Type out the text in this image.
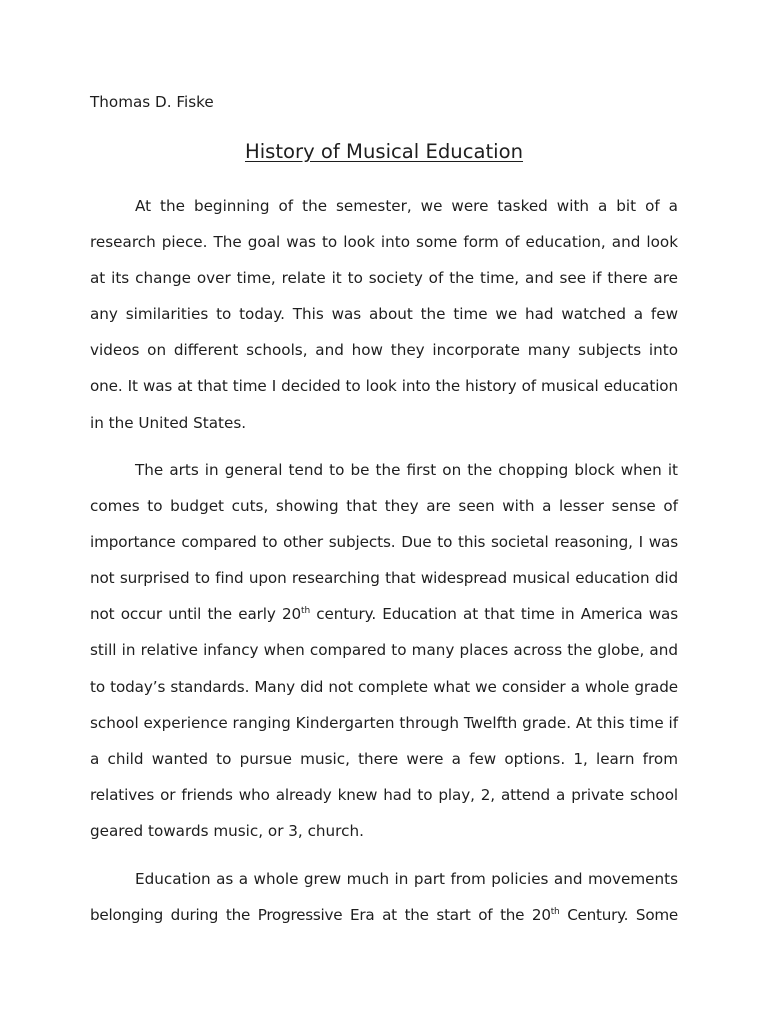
Thomas D. Fiske

History of Musical Education
At the beginning of the semester, we were tasked with a bit of a
research piece. The goal was to look into some form of education, and look
at its change over time, relate it to society of the time, and see if there are
any similarities to today. This was about the time we had watched a few
videos on different schools, and how they incorporate many subjects into
one. It was at that time I decided to look into the history of musical education
in the United States.
The arts in general tend to be the first on the chopping block when it
comes to budget cuts, showing that they are seen with a lesser sense of
importance compared to other subjects. Due to this societal reasoning, I was
not surprised to find upon researching that widespread musical education did
not occur until the early 20th century. Education at that time in America was
still in relative infancy when compared to many places across the globe, and
to today’s standards. Many did not complete what we consider a whole grade
school experience ranging Kindergarten through Twelfth grade. At this time if
a child wanted to pursue music, there were a few options. 1, learn from
relatives or friends who already knew had to play, 2, attend a private school
geared towards music, or 3, church.
Education as a whole grew much in part from policies and movements
belonging during the Progressive Era at the start of the 20th Century. Some
